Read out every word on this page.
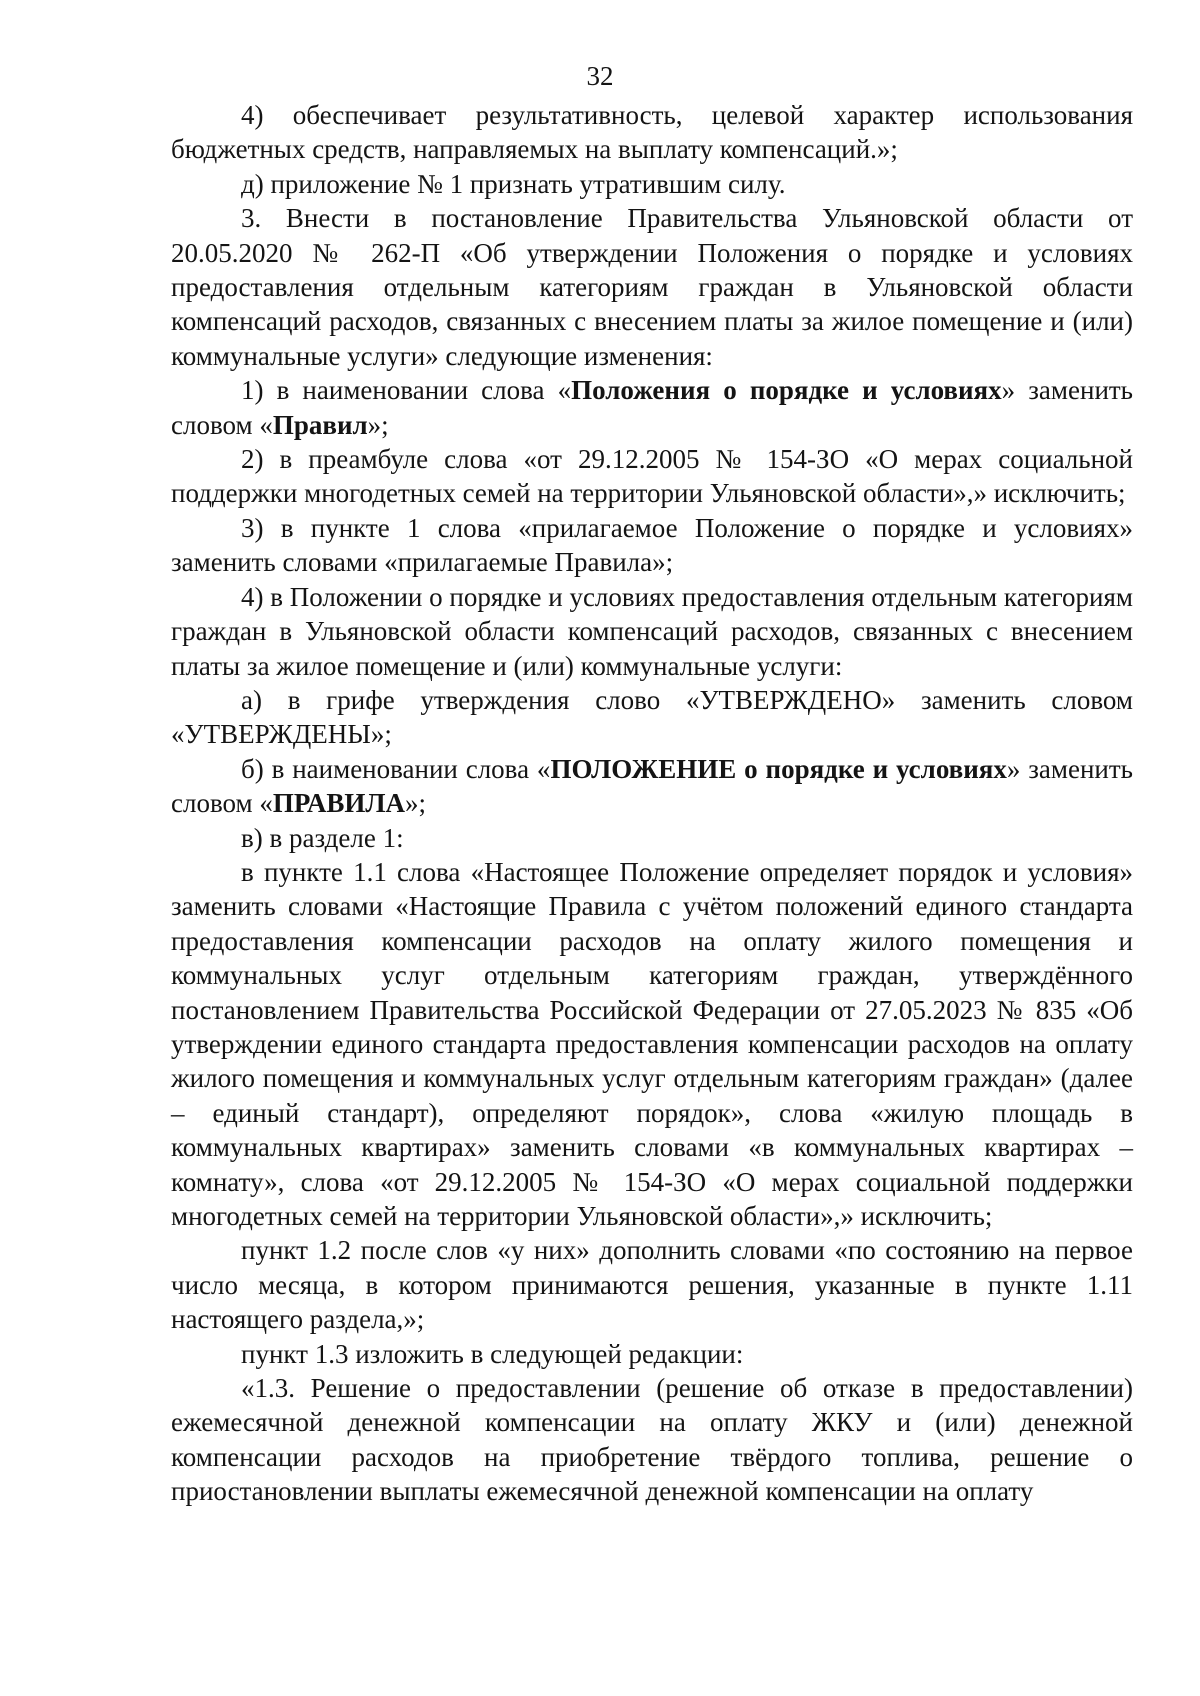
32

4) обеспечивает результативность, целевой характер использования бюджетных средств, направляемых на выплату компенсаций.»;

д) приложение № 1 признать утратившим силу.

3. Внести в постановление Правительства Ульяновской области от 20.05.2020 № 262-П «Об утверждении Положения о порядке и условиях предоставления отдельным категориям граждан в Ульяновской области компенсаций расходов, связанных с внесением платы за жилое помещение и (или) коммунальные услуги» следующие изменения:

1) в наименовании слова «Положения о порядке и условиях» заменить словом «Правил»;

2) в преамбуле слова «от 29.12.2005 № 154-ЗО «О мерах социальной поддержки многодетных семей на территории Ульяновской области»,» исключить;

3) в пункте 1 слова «прилагаемое Положение о порядке и условиях» заменить словами «прилагаемые Правила»;

4) в Положении о порядке и условиях предоставления отдельным категориям граждан в Ульяновской области компенсаций расходов, связанных с внесением платы за жилое помещение и (или) коммунальные услуги:

а) в грифе утверждения слово «УТВЕРЖДЕНО» заменить словом «УТВЕРЖДЕНЫ»;

б) в наименовании слова «ПОЛОЖЕНИЕ о порядке и условиях» заменить словом «ПРАВИЛА»;

в) в разделе 1:

в пункте 1.1 слова «Настоящее Положение определяет порядок и условия» заменить словами «Настоящие Правила с учётом положений единого стандарта предоставления компенсации расходов на оплату жилого помещения и коммунальных услуг отдельным категориям граждан, утверждённого постановлением Правительства Российской Федерации от 27.05.2023 № 835 «Об утверждении единого стандарта предоставления компенсации расходов на оплату жилого помещения и коммунальных услуг отдельным категориям граждан» (далее – единый стандарт), определяют порядок», слова «жилую площадь в коммунальных квартирах» заменить словами «в коммунальных квартирах – комнату», слова «от 29.12.2005 № 154-ЗО «О мерах социальной поддержки многодетных семей на территории Ульяновской области»,» исключить;

пункт 1.2 после слов «у них» дополнить словами «по состоянию на первое число месяца, в котором принимаются решения, указанные в пункте 1.11 настоящего раздела,»;

пункт 1.3 изложить в следующей редакции:

«1.3. Решение о предоставлении (решение об отказе в предоставлении) ежемесячной денежной компенсации на оплату ЖКУ и (или) денежной компенсации расходов на приобретение твёрдого топлива, решение о приостановлении выплаты ежемесячной денежной компенсации на оплату
